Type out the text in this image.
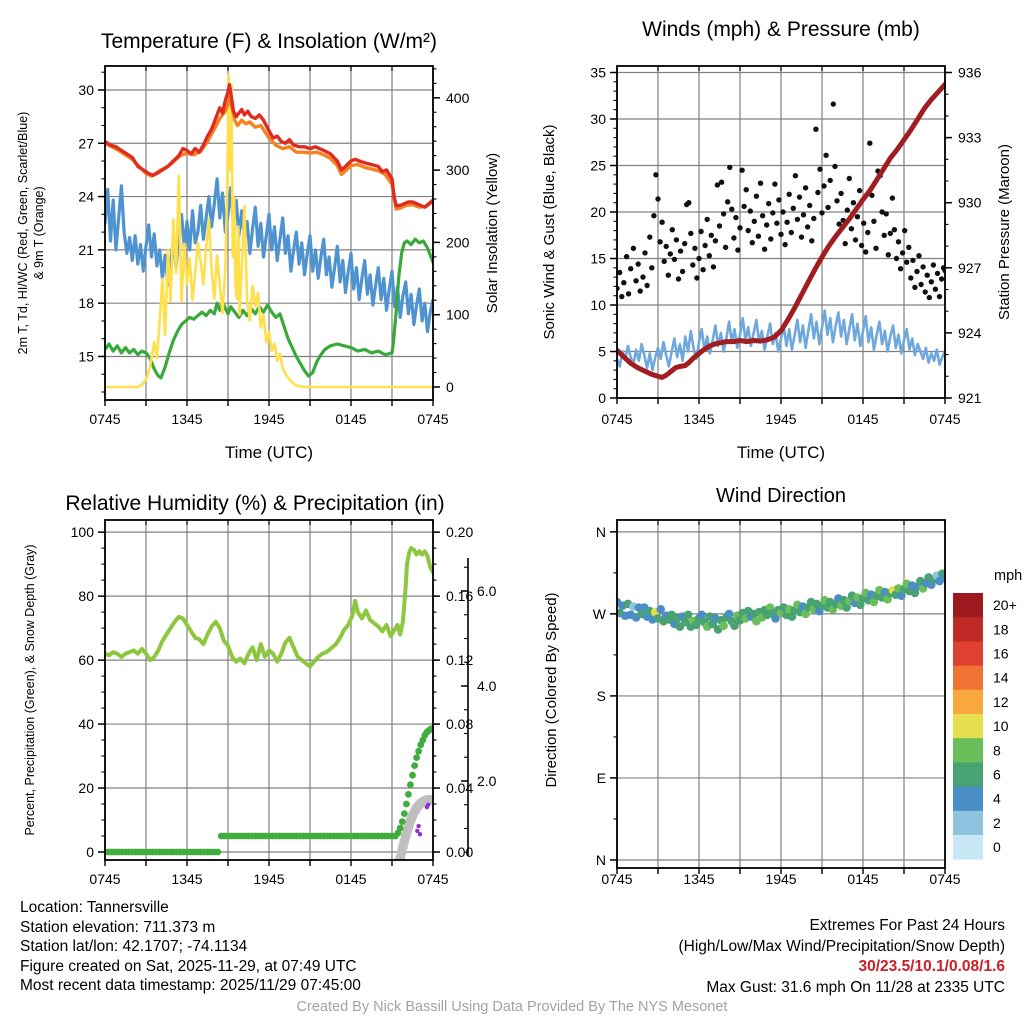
Temperature (F) & Insolation (W/m²)
Time (UTC)
2m T, Td, HI/WC (Red, Green, Scarlet/Blue) & 9m T (Orange)	Solar Insolation (Yellow)
0745	1345	1945	0145	0745
15
18
21
24
27
30
0
100
200
300
400
Winds (mph) & Pressure (mb)
Time (UTC)
Sonic Wind & Gust (Blue, Black)	Station Pressure (Maroon)
0745	1345	1945	0145	0745
0
5
10
15
20
25
30
35
921
924
927
930
933
936
Relative Humidity (%) & Precipitation (in)
Percent, Precipitation (Green), & Snow Depth (Gray)
0745	1345	1945	0145	0745
0
20
40
60
80
100
0.00
0.04
0.08
0.12
0.16
0.20
2.0
4.0
6.0
Wind Direction
Direction (Colored By Speed)
mph
0745	1345	1945	0145	0745
N
W
S
E
N
20+
18
16
14
12
10
8
6
4
2
0
Location: Tannersville
Station elevation: 711.373 m
Station lat/lon: 42.1707; -74.1134
Figure created on Sat, 2025-11-29, at 07:49 UTC
Most recent data timestamp: 2025/11/29 07:45:00
Extremes For Past 24 Hours
(High/Low/Max Wind/Precipitation/Snow Depth)
30/23.5/10.1/0.08/1.6
Max Gust: 31.6 mph On 11/28 at 2335 UTC
Created By Nick Bassill Using Data Provided By The NYS Mesonet
